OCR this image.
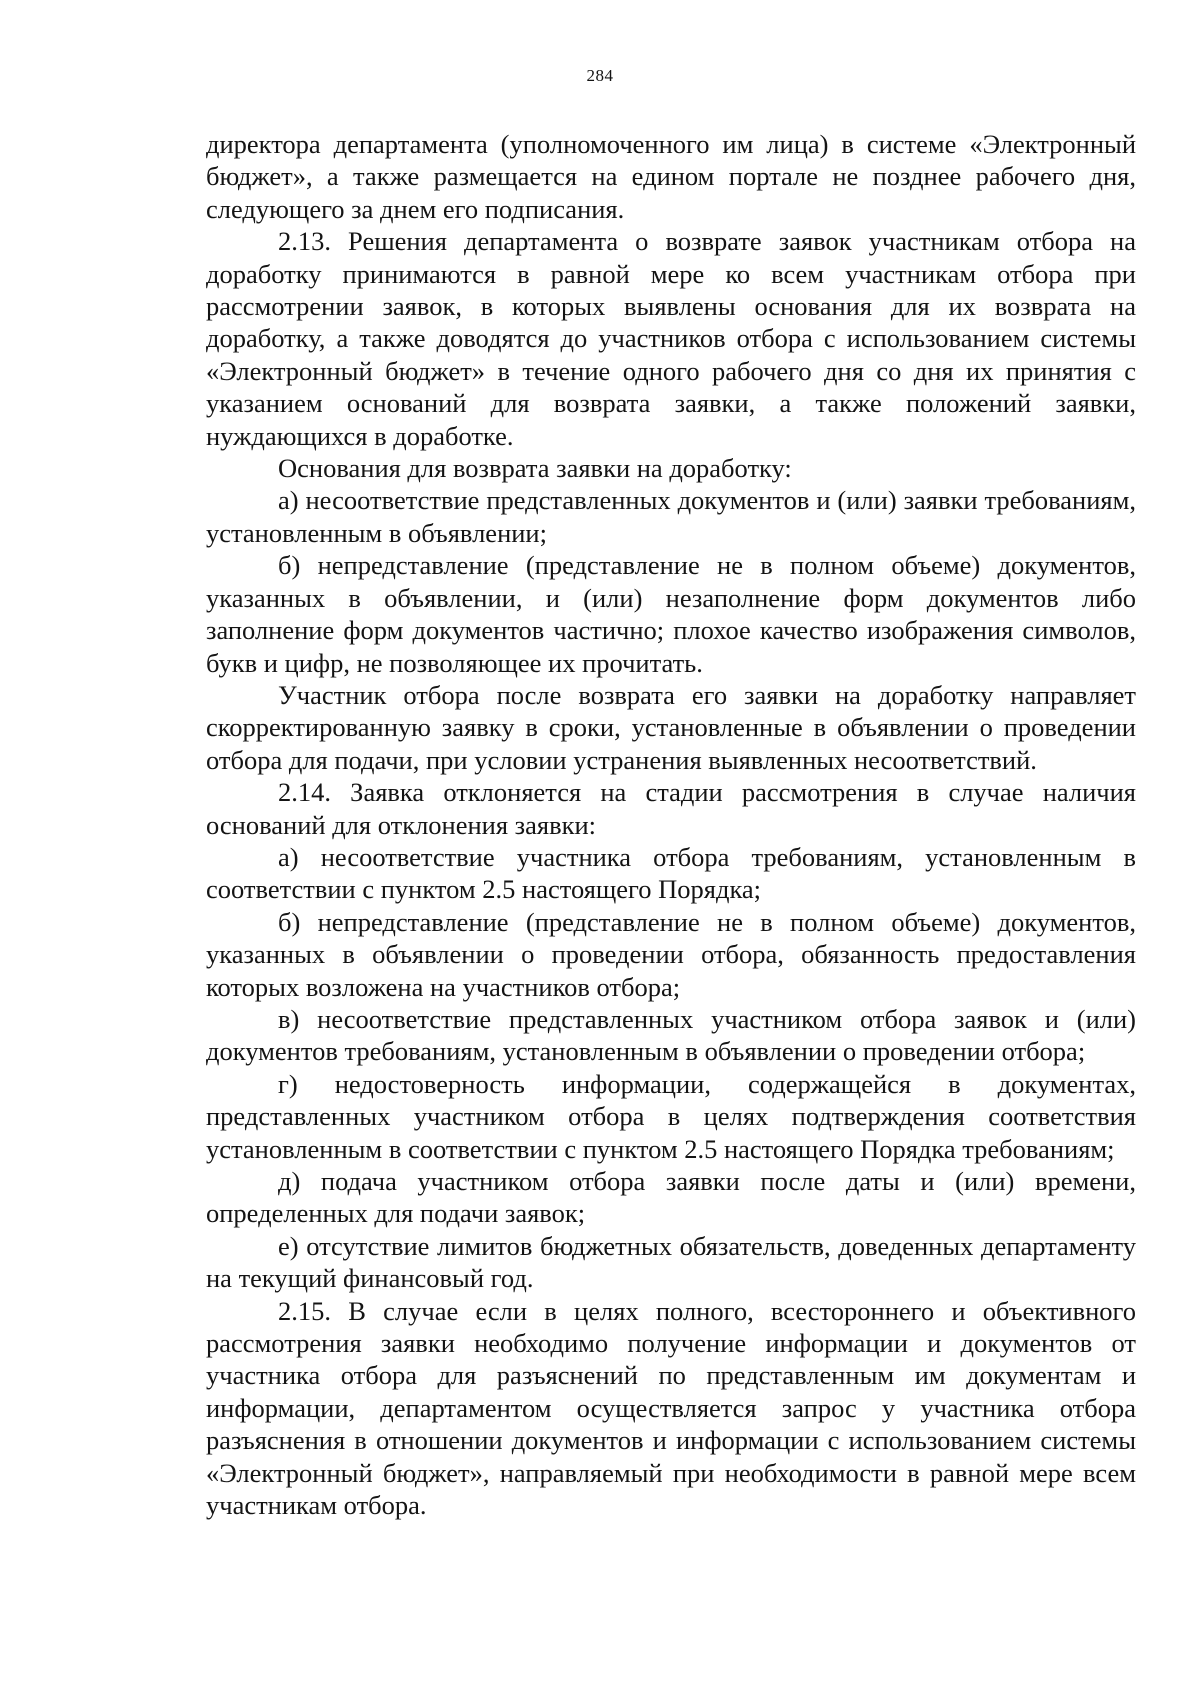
284

директора департамента (уполномоченного им лица) в системе «Электронный бюджет», а также размещается на едином портале не позднее рабочего дня, следующего за днем его подписания.

2.13. Решения департамента о возврате заявок участникам отбора на доработку принимаются в равной мере ко всем участникам отбора при рассмотрении заявок, в которых выявлены основания для их возврата на доработку, а также доводятся до участников отбора с использованием системы «Электронный бюджет» в течение одного рабочего дня со дня их принятия с указанием оснований для возврата заявки, а также положений заявки, нуждающихся в доработке.

Основания для возврата заявки на доработку:

а) несоответствие представленных документов и (или) заявки требованиям, установленным в объявлении;

б) непредставление (представление не в полном объеме) документов, указанных в объявлении, и (или) незаполнение форм документов либо заполнение форм документов частично; плохое качество изображения символов, букв и цифр, не позволяющее их прочитать.

Участник отбора после возврата его заявки на доработку направляет скорректированную заявку в сроки, установленные в объявлении о проведении отбора для подачи, при условии устранения выявленных несоответствий.

2.14. Заявка отклоняется на стадии рассмотрения в случае наличия оснований для отклонения заявки:

а) несоответствие участника отбора требованиям, установленным в соответствии с пунктом 2.5 настоящего Порядка;

б) непредставление (представление не в полном объеме) документов, указанных в объявлении о проведении отбора, обязанность предоставления которых возложена на участников отбора;

в) несоответствие представленных участником отбора заявок и (или) документов требованиям, установленным в объявлении о проведении отбора;

г) недостоверность информации, содержащейся в документах, представленных участником отбора в целях подтверждения соответствия установленным в соответствии с пунктом 2.5 настоящего Порядка требованиям;

д) подача участником отбора заявки после даты и (или) времени, определенных для подачи заявок;

е) отсутствие лимитов бюджетных обязательств, доведенных департаменту на текущий финансовый год.

2.15. В случае если в целях полного, всестороннего и объективного рассмотрения заявки необходимо получение информации и документов от участника отбора для разъяснений по представленным им документам и информации, департаментом осуществляется запрос у участника отбора разъяснения в отношении документов и информации с использованием системы «Электронный бюджет», направляемый при необходимости в равной мере всем участникам отбора.
